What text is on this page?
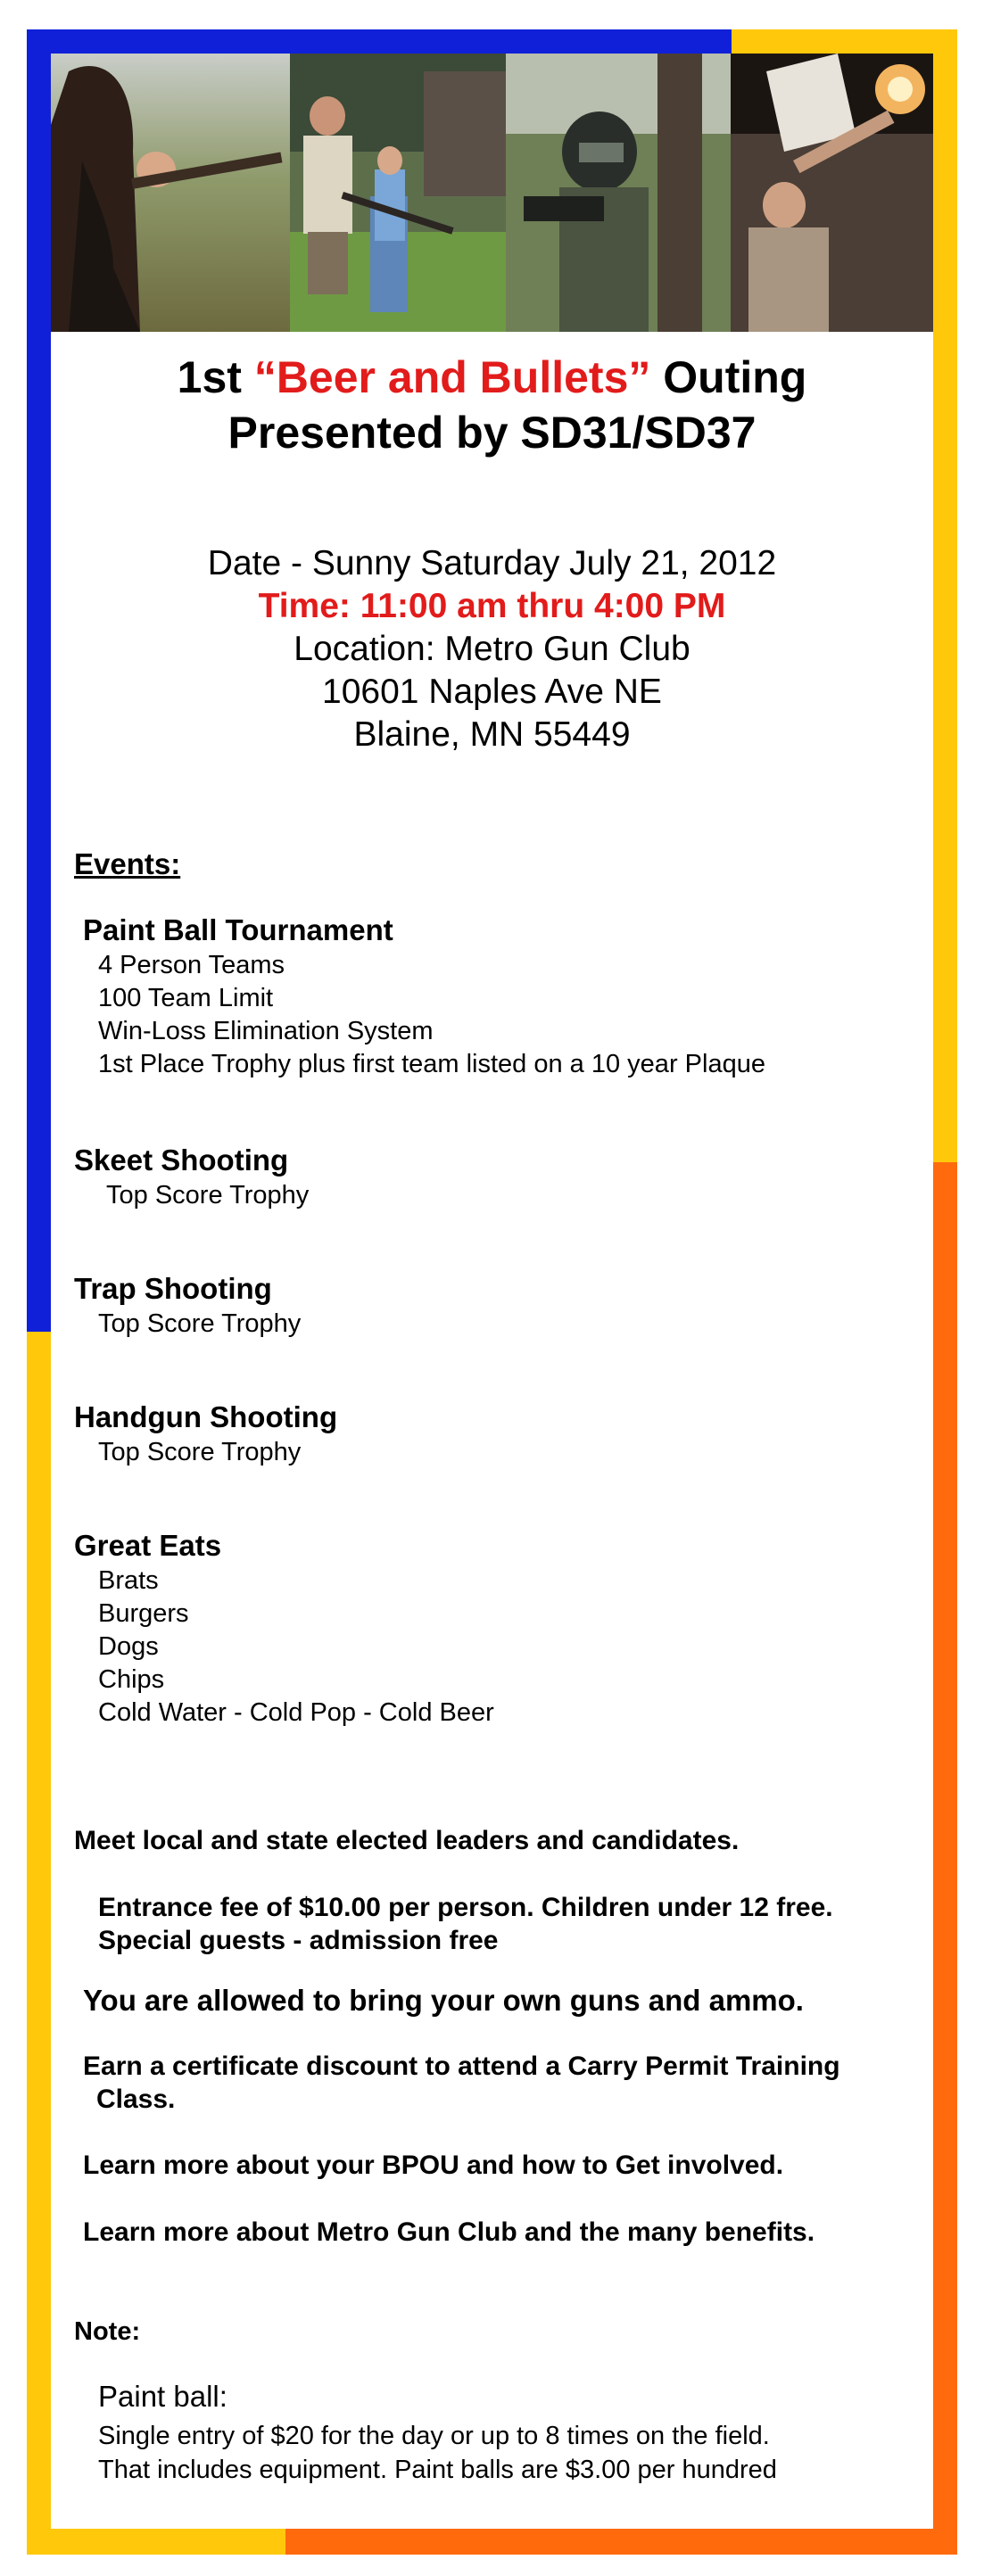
1st “Beer and Bullets” Outing
Presented by SD31/SD37
Date - Sunny Saturday July 21, 2012
Time: 11:00 am thru 4:00 PM
Location: Metro Gun Club
10601 Naples Ave NE
Blaine, MN 55449
Events:
Paint Ball Tournament
4 Person Teams
100 Team Limit
Win-Loss Elimination System
1st Place Trophy plus first team listed on a 10 year Plaque
Skeet Shooting
Top Score Trophy
Trap Shooting
Top Score Trophy
Handgun Shooting
Top Score Trophy
Great Eats
Brats
Burgers
Dogs
Chips
Cold Water - Cold Pop - Cold Beer
Meet local and state elected leaders and candidates.
Entrance fee of $10.00 per person. Children under 12 free.
Special guests - admission free
You are allowed to bring your own guns and ammo.
Earn a certificate discount to attend a Carry Permit Training
Class.
Learn more about your BPOU and how to Get involved.
Learn more about Metro Gun Club and the many benefits.
Note:
Paint ball:
Single entry of $20 for the day or up to 8 times on the field.
That includes equipment. Paint balls are $3.00 per hundred
